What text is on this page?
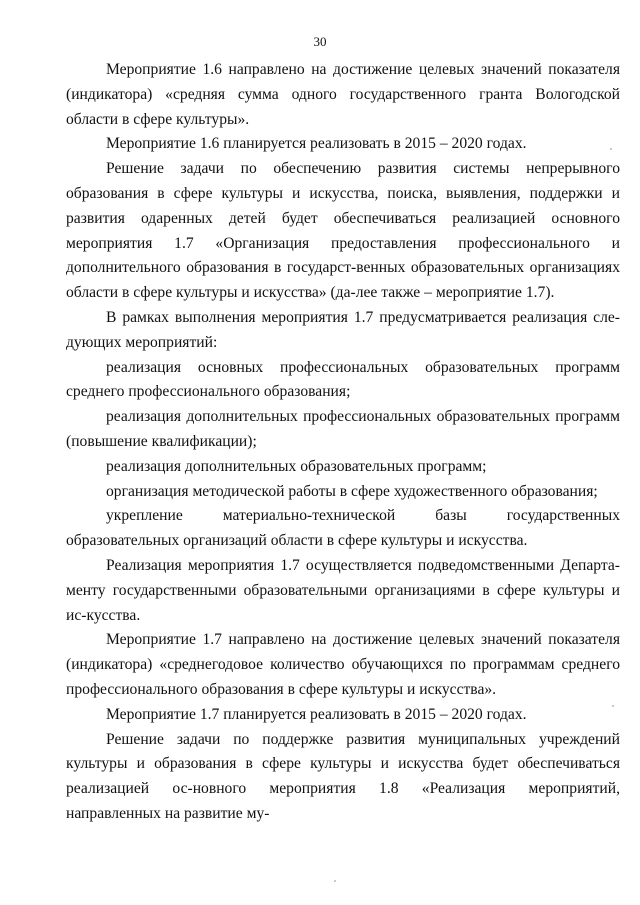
30

Мероприятие 1.6 направлено на достижение целевых значений показателя (индикатора) «средняя сумма одного государственного гранта Вологодской области в сфере культуры».

Мероприятие 1.6 планируется реализовать в 2015 – 2020 годах.

Решение задачи по обеспечению развития системы непрерывного образования в сфере культуры и искусства, поиска, выявления, поддержки и развития одаренных детей будет обеспечиваться реализацией основного мероприятия 1.7 «Организация предоставления профессионального и дополнительного образования в государст-венных образовательных организациях области в сфере культуры и искусства» (да-лее также – мероприятие 1.7).

В рамках выполнения мероприятия 1.7 предусматривается реализация сле-дующих мероприятий:

реализация основных профессиональных образовательных программ среднего профессионального образования;

реализация дополнительных профессиональных образовательных программ (повышение квалификации);

реализация дополнительных образовательных программ;

организация методической работы в сфере художественного образования;

укрепление материально-технической базы государственных образовательных организаций области в сфере культуры и искусства.

Реализация мероприятия 1.7 осуществляется подведомственными Департа-менту государственными образовательными организациями в сфере культуры и ис-кусства.

Мероприятие 1.7 направлено на достижение целевых значений показателя (индикатора) «среднегодовое количество обучающихся по программам среднего профессионального образования в сфере культуры и искусства».

Мероприятие 1.7 планируется реализовать в 2015 – 2020 годах.

Решение задачи по поддержке развития муниципальных учреждений культуры и образования в сфере культуры и искусства будет обеспечиваться реализацией ос-новного мероприятия 1.8 «Реализация мероприятий, направленных на развитие му-
